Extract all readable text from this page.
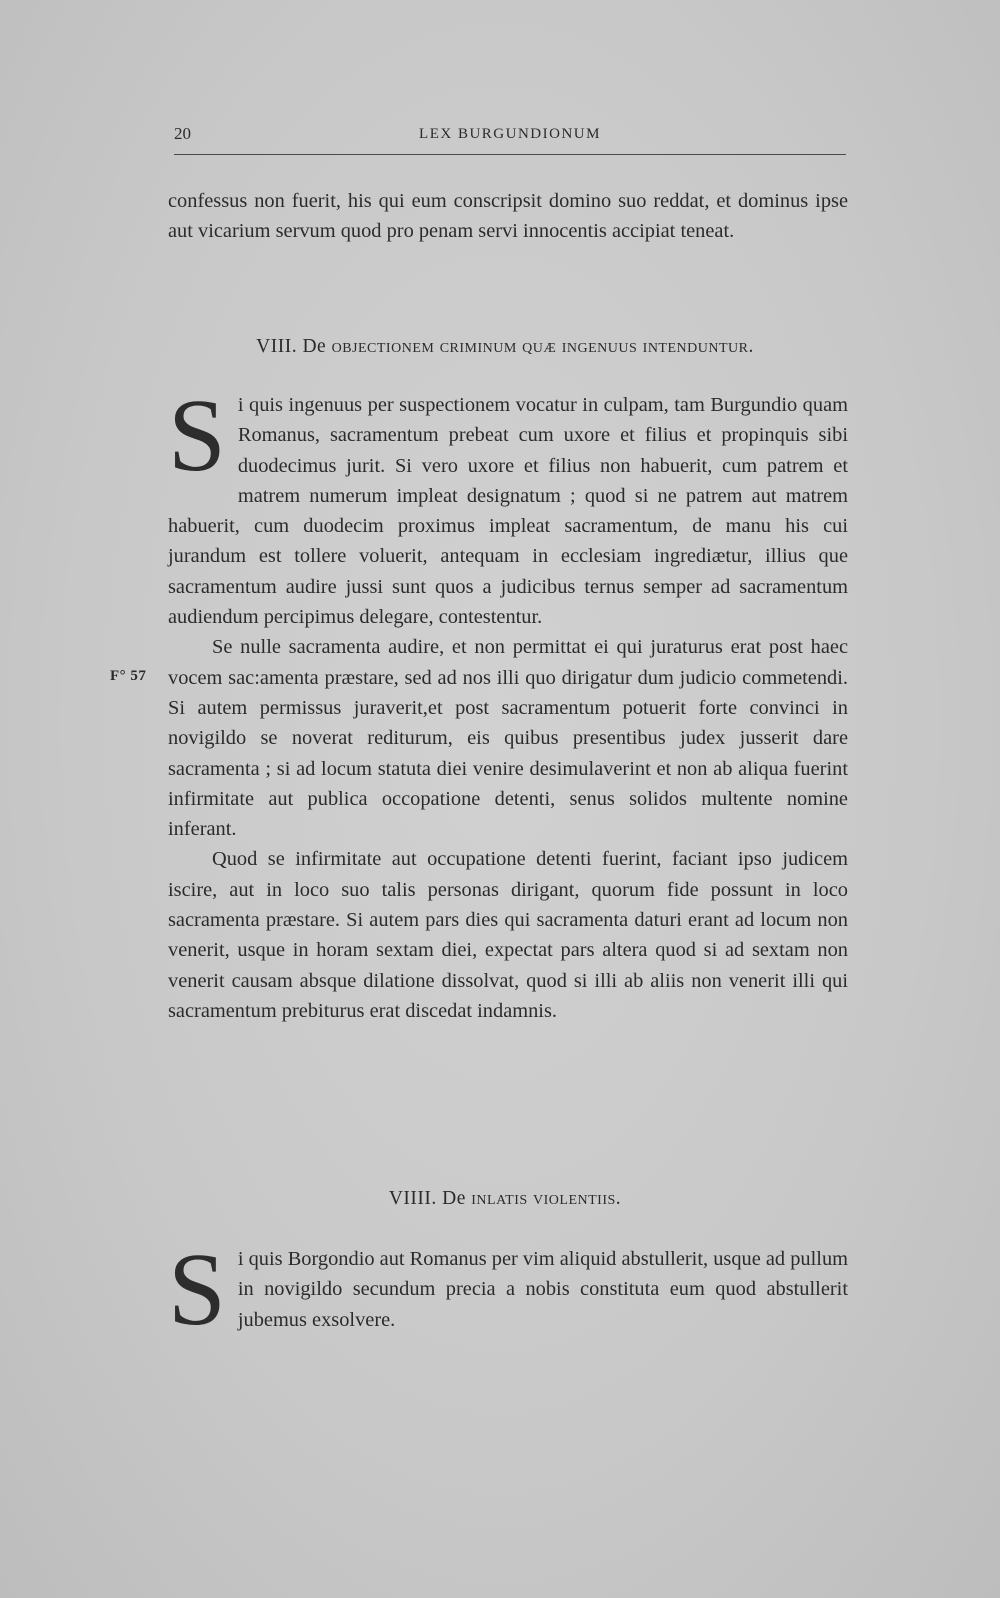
20	LEX BURGUNDIONUM

confessus non fuerit, his qui eum conscripsit domino suo reddat, et dominus ipse aut vicarium servum quod pro penam servi innocentis accipiat teneat.

VIII. De objectionem criminum quæ ingenuus intenduntur.

Si quis ingenuus per suspectionem vocatur in culpam, tam Burgundio quam Romanus, sacramentum prebeat cum uxore et filius et propinquis sibi duodecimus jurit. Si vero uxore et filius non habuerit, cum patrem et matrem numerum impleat designatum ; quod si ne patrem aut matrem habuerit, cum duodecim proximus impleat sacramentum, de manu his cui jurandum est tollere voluerit, antequam in ecclesiam ingrediætur, illius que sacramentum audire jussi sunt quos a judicibus ternus semper ad sacramentum audiendum percipimus delegare, contestentur.

Se nulle sacramenta audire, et non permittat ei qui juraturus erat post haec vocem sac:amenta præstare, sed ad nos illi quo dirigatur dum judicio commetendi. Si autem permissus juraverit,et post sacramentum potuerit forte convinci in novigildo se noverat rediturum, eis quibus presentibus judex jusserit dare sacramenta ; si ad locum statuta diei venire desimulaverint et non ab aliqua fuerint infirmitate aut publica occopatione detenti, senus solidos multente nomine inferant.

Quod se infirmitate aut occupatione detenti fuerint, faciant ipso judicem iscire, aut in loco suo talis personas dirigant, quorum fide possunt in loco sacramenta præstare. Si autem pars dies qui sacramenta daturi erant ad locum non venerit, usque in horam sextam diei, expectat pars altera quod si ad sextam non venerit causam absque dilatione dissolvat, quod si illi ab aliis non venerit illi qui sacramentum prebiturus erat discedat indamnis.

F° 57

VIIII. De inlatis violentiis.

Si quis Borgondio aut Romanus per vim aliquid abstullerit, usque ad pullum in novigildo secundum precia a nobis constituta eum quod abstullerit jubemus exsolvere.
